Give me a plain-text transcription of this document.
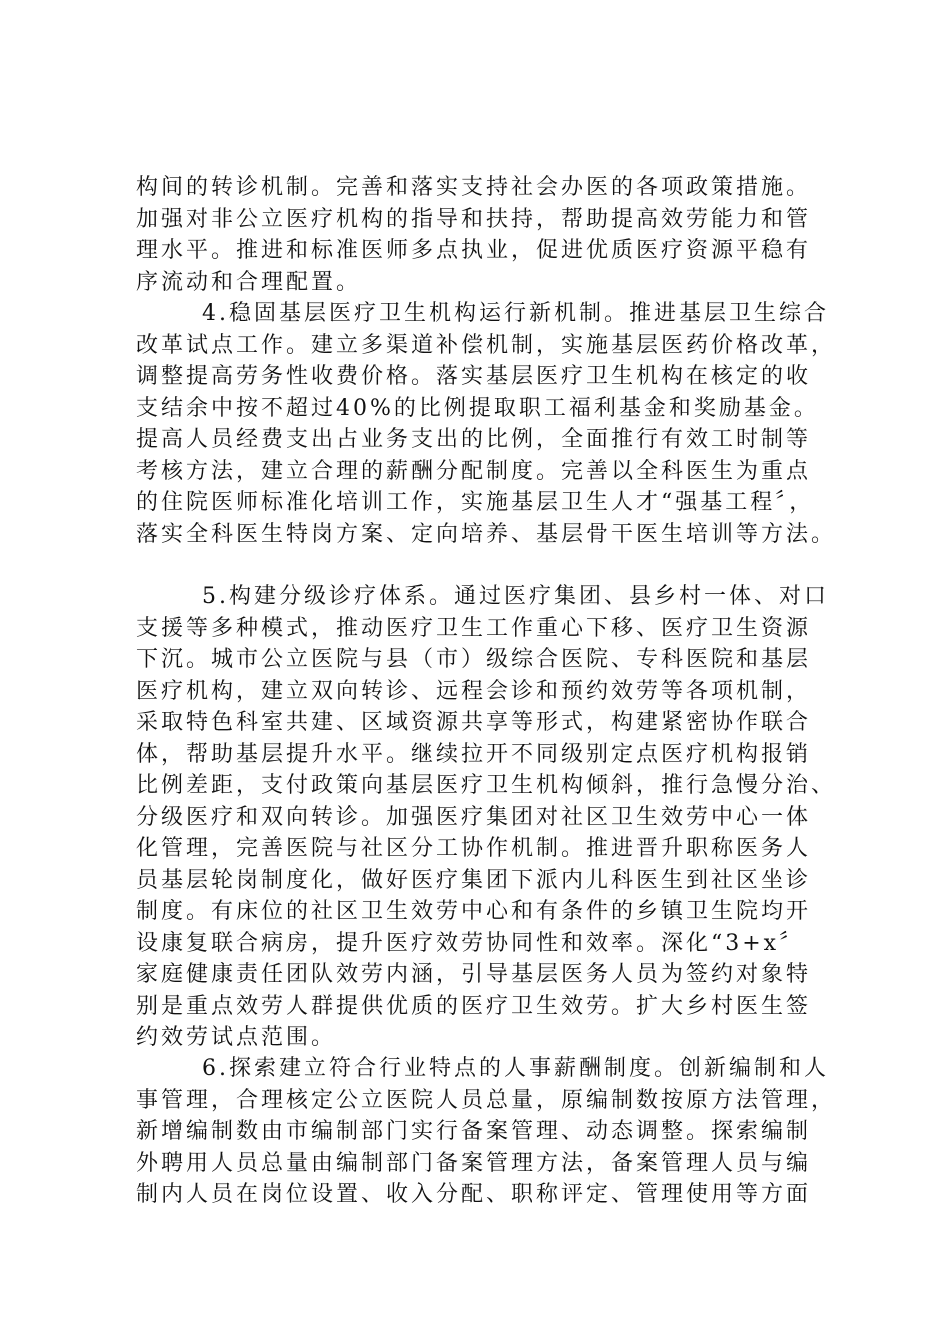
构间的转诊机制。完善和落实支持社会办医的各项政策措施。
加强对非公立医疗机构的指导和扶持，帮助提高效劳能力和管
理水平。推进和标准医师多点执业，促进优质医疗资源平稳有
序流动和合理配置。
4.稳固基层医疗卫生机构运行新机制。推进基层卫生综合
改革试点工作。建立多渠道补偿机制，实施基层医药价格改革，
调整提高劳务性收费价格。落实基层医疗卫生机构在核定的收
支结余中按不超过40%的比例提取职工福利基金和奖励基金。
提高人员经费支出占业务支出的比例，全面推行有效工时制等
考核方法，建立合理的薪酬分配制度。完善以全科医生为重点
的住院医师标准化培训工作，实施基层卫生人才“强基工程〞，
落实全科医生特岗方案、定向培养、基层骨干医生培训等方法。
5.构建分级诊疗体系。通过医疗集团、县乡村一体、对口
支援等多种模式，推动医疗卫生工作重心下移、医疗卫生资源
下沉。城市公立医院与县（市）级综合医院、专科医院和基层
医疗机构，建立双向转诊、远程会诊和预约效劳等各项机制，
采取特色科室共建、区域资源共享等形式，构建紧密协作联合
体，帮助基层提升水平。继续拉开不同级别定点医疗机构报销
比例差距，支付政策向基层医疗卫生机构倾斜，推行急慢分治、
分级医疗和双向转诊。加强医疗集团对社区卫生效劳中心一体
化管理，完善医院与社区分工协作机制。推进晋升职称医务人
员基层轮岗制度化，做好医疗集团下派内儿科医生到社区坐诊
制度。有床位的社区卫生效劳中心和有条件的乡镇卫生院均开
设康复联合病房，提升医疗效劳协同性和效率。深化“3+x〞
家庭健康责任团队效劳内涵，引导基层医务人员为签约对象特
别是重点效劳人群提供优质的医疗卫生效劳。扩大乡村医生签
约效劳试点范围。
6.探索建立符合行业特点的人事薪酬制度。创新编制和人
事管理，合理核定公立医院人员总量，原编制数按原方法管理，
新增编制数由市编制部门实行备案管理、动态调整。探索编制
外聘用人员总量由编制部门备案管理方法，备案管理人员与编
制内人员在岗位设置、收入分配、职称评定、管理使用等方面
